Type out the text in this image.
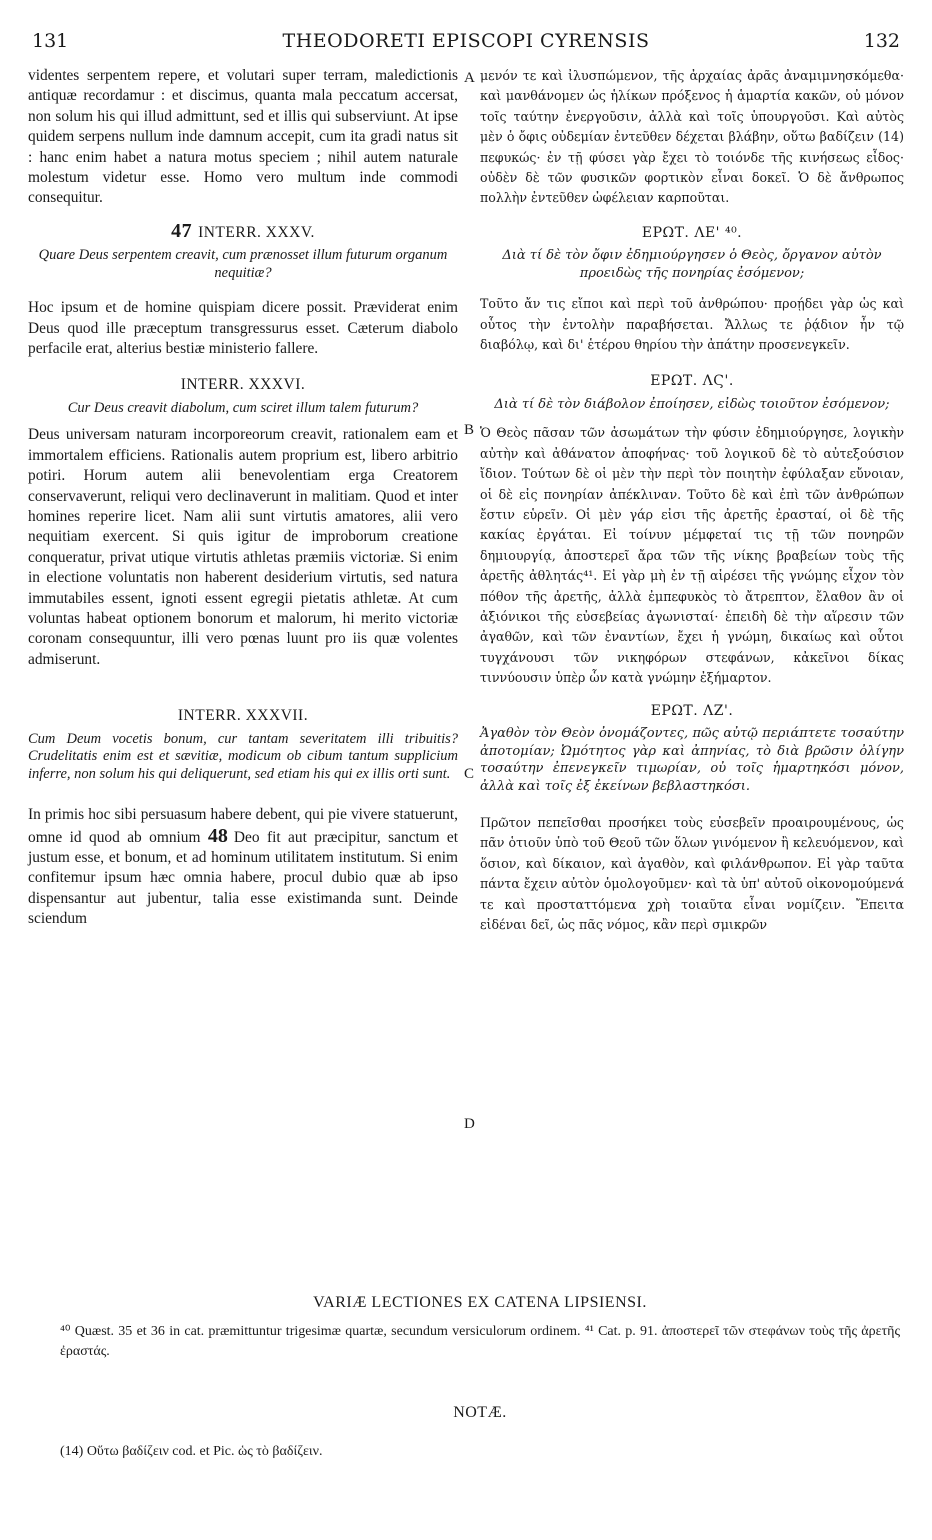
131	THEODORETI EPISCOPI CYRENSIS	132

videntes serpentem repere, et volutari super terram, maledictionis antiquæ recordamur : et discimus, quanta mala peccatum accersat, non solum his qui illud admittunt, sed et illis qui subserviunt. At ipse quidem serpens nullum inde damnum accepit, cum ita gradi natus sit : hanc enim habet a natura motus speciem ; nihil autem naturale molestum videtur esse. Homo vero multum inde commodi consequitur.

47 INTERR. XXXV.

Quare Deus serpentem creavit, cum prænosset illum futurum organum nequitiæ?

Hoc ipsum et de homine quispiam dicere possit. Præviderat enim Deus quod ille præceptum transgressurus esset. Cæterum diabolo perfacile erat, alterius bestiæ ministerio fallere.

INTERR. XXXVI.

Cur Deus creavit diabolum, cum sciret illum talem futurum?

Deus universam naturam incorporeorum creavit, rationalem eam et immortalem efficiens. Rationalis autem proprium est, libero arbitrio potiri. Horum autem alii benevolentiam erga Creatorem conservaverunt, reliqui vero declinaverunt in malitiam. Quod et inter homines reperire licet. Nam alii sunt virtutis amatores, alii vero nequitiam exercent. Si quis igitur de improborum creatione conqueratur, privat utique virtutis athletas præmiis victoriæ. Si enim in electione voluntatis non haberent desiderium virtutis, sed natura immutabiles essent, ignoti essent egregii pietatis athletæ. At cum voluntas habeat optionem bonorum et malorum, hi merito victoriæ coronam consequuntur, illi vero pœnas luunt pro iis quæ volentes admiserunt.

INTERR. XXXVII.

Cum Deum vocetis bonum, cur tantam severitatem illi tribuitis? Crudelitatis enim est et sævitiæ, modicum ob cibum tantum supplicium inferre, non solum his qui deliquerunt, sed etiam his qui ex illis orti sunt.

In primis hoc sibi persuasum habere debent, qui pie vivere statuerunt, omne id quod ab omnium 48 Deo fit aut præcipitur, sanctum et justum esse, et bonum, et ad hominum utilitatem institutum. Si enim confitemur ipsum hæc omnia habere, procul dubio quæ ab ipso dispensantur aut jubentur, talia esse existimanda sunt. Deinde sciendum

A
B
C
D

μενόν τε καὶ ἰλυσπώμενον, τῆς ἀρχαίας ἀρᾶς ἀναμιμνησκόμεθα· καὶ μανθάνομεν ὡς ἡλίκων πρόξενος ἡ ἁμαρτία κακῶν, οὐ μόνον τοῖς ταύτην ἐνεργοῦσιν, ἀλλὰ καὶ τοῖς ὑπουργοῦσι. Καὶ αὐτὸς μὲν ὁ ὄφις οὐδεμίαν ἐντεῦθεν δέχεται βλάβην, οὕτω βαδίζειν (14) πεφυκώς· ἐν τῇ φύσει γὰρ ἔχει τὸ τοιόνδε τῆς κινήσεως εἶδος· οὐδὲν δὲ τῶν φυσικῶν φορτικὸν εἶναι δοκεῖ. Ὁ δὲ ἄνθρωπος πολλὴν ἐντεῦθεν ὠφέλειαν καρποῦται.

ΕΡΩΤ. ΛΕ' ⁴⁰.

Διὰ τί δὲ τὸν ὄφιν ἐδημιούργησεν ὁ Θεὸς, ὄργανον αὐτὸν προειδὼς τῆς πονηρίας ἐσόμενον;

Τοῦτο ἄν τις εἴποι καὶ περὶ τοῦ ἀνθρώπου· προῄδει γὰρ ὡς καὶ οὗτος τὴν ἐντολὴν παραβήσεται. Ἄλλως τε ῥᾴδιον ἦν τῷ διαβόλῳ, καὶ δι' ἑτέρου θηρίου τὴν ἀπάτην προσενεγκεῖν.

ΕΡΩΤ. ΛϚ'.

Διὰ τί δὲ τὸν διάβολον ἐποίησεν, εἰδὼς τοιοῦτον ἐσόμενον;

Ὁ Θεὸς πᾶσαν τῶν ἀσωμάτων τὴν φύσιν ἐδημιούργησε, λογικὴν αὐτὴν καὶ ἀθάνατον ἀποφήνας· τοῦ λογικοῦ δὲ τὸ αὐτεξούσιον ἴδιον. Τούτων δὲ οἱ μὲν τὴν περὶ τὸν ποιητὴν ἐφύλαξαν εὔνοιαν, οἱ δὲ εἰς πονηρίαν ἀπέκλιναν. Τοῦτο δὲ καὶ ἐπὶ τῶν ἀνθρώπων ἔστιν εὑρεῖν. Οἱ μὲν γάρ εἰσι τῆς ἀρετῆς ἐρασταί, οἱ δὲ τῆς κακίας ἐργάται. Εἰ τοίνυν μέμφεταί τις τῇ τῶν πονηρῶν δημιουργίᾳ, ἀποστερεῖ ἄρα τῶν τῆς νίκης βραβείων τοὺς τῆς ἀρετῆς ἀθλητάς⁴¹. Εἰ γὰρ μὴ ἐν τῇ αἱρέσει τῆς γνώμης εἶχον τὸν πόθον τῆς ἀρετῆς, ἀλλὰ ἐμπεφυκὸς τὸ ἄτρεπτον, ἔλαθον ἂν οἱ ἀξιόνικοι τῆς εὐσεβείας ἀγωνισταί· ἐπειδὴ δὲ τὴν αἵρεσιν τῶν ἀγαθῶν, καὶ τῶν ἐναντίων, ἔχει ἡ γνώμη, δικαίως καὶ οὗτοι τυγχάνουσι τῶν νικηφόρων στεφάνων, κἀκεῖνοι δίκας τιννύουσιν ὑπὲρ ὧν κατὰ γνώμην ἐξήμαρτον.

ΕΡΩΤ. ΛΖ'.

Ἀγαθὸν τὸν Θεὸν ὀνομάζοντες, πῶς αὐτῷ περιάπτετε τοσαύτην ἀποτομίαν; Ὠμότητος γὰρ καὶ ἀπηνίας, τὸ διὰ βρῶσιν ὀλίγην τοσαύτην ἐπενεγκεῖν τιμωρίαν, οὐ τοῖς ἡμαρτηκόσι μόνον, ἀλλὰ καὶ τοῖς ἐξ ἐκείνων βεβλαστηκόσι.

Πρῶτον πεπεῖσθαι προσήκει τοὺς εὐσεβεῖν προαιρουμένους, ὡς πᾶν ὁτιοῦν ὑπὸ τοῦ Θεοῦ τῶν ὅλων γινόμενον ἢ κελευόμενον, καὶ ὅσιον, καὶ δίκαιον, καὶ ἀγαθὸν, καὶ φιλάνθρωπον. Εἰ γὰρ ταῦτα πάντα ἔχειν αὐτὸν ὁμολογοῦμεν· καὶ τὰ ὑπ' αὐτοῦ οἰκονομούμενά τε καὶ προσταττόμενα χρὴ τοιαῦτα εἶναι νομίζειν. Ἔπειτα εἰδέναι δεῖ, ὡς πᾶς νόμος, κἂν περὶ σμικρῶν

VARIÆ LECTIONES EX CATENA LIPSIENSI.
⁴⁰ Quæst. 35 et 36 in cat. præmittuntur trigesimæ quartæ, secundum versiculorum ordinem. ⁴¹ Cat. p. 91. ἀποστερεῖ τῶν στεφάνων τοὺς τῆς ἀρετῆς ἐραστάς.
NOTÆ.
(14) Οὕτω βαδίζειν cod. et Pic. ὡς τὸ βαδίζειν.
